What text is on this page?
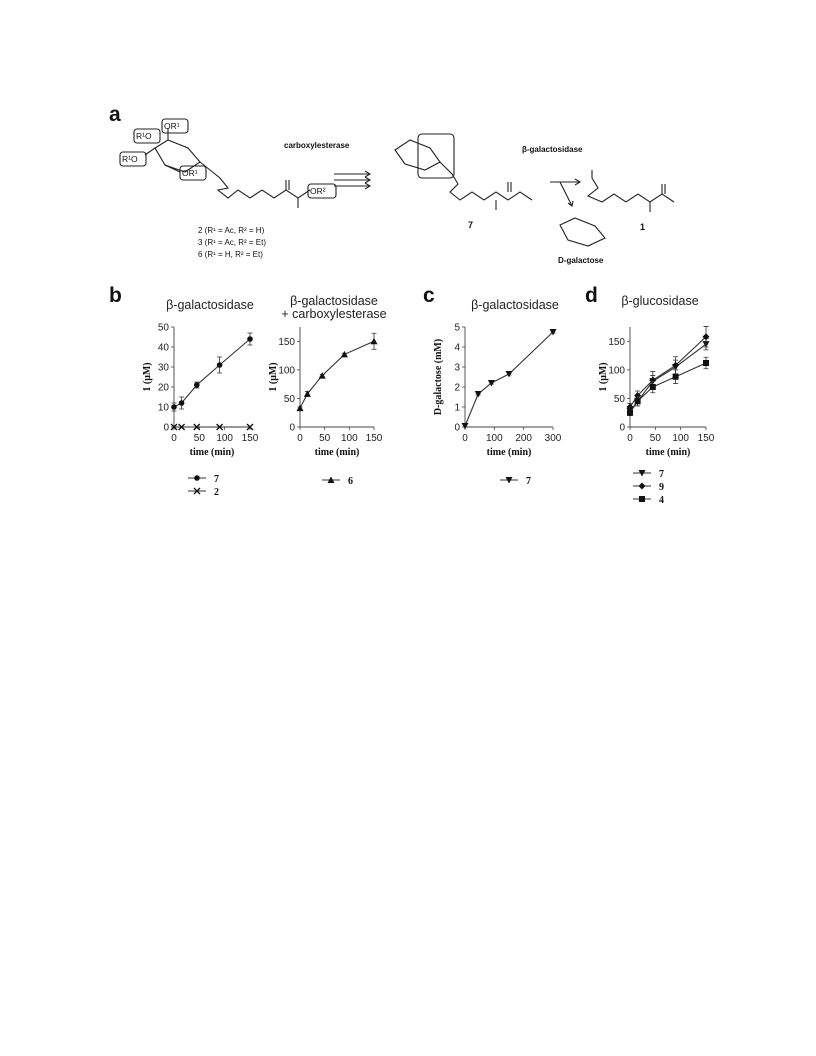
a
b	c	d
R¹O
OR¹
R¹O
OR¹
OR²
carboxylesterase	β-galactosidase
7	1
D-galactose
2 (R¹ = Ac, R² = H)
3 (R¹ = Ac, R² = Et)
6 (R¹ = H, R² = Et)
β-galactosidase
0
10
20
30
40
50
0 50 100 150
time (min)
1 (μM)
7
2
β-galactosidase
+ carboxylesterase
0
50
100
150
0 50 100 150
time (min)
1 (μM)
6
β-galactosidase
0
1
2
3
4
5
0 100 200 300
time (min)
D-galactose (mM)
7
β-glucosidase
0
50
100
150
0 50 100 150
time (min)
1 (μM)
7
9
4
